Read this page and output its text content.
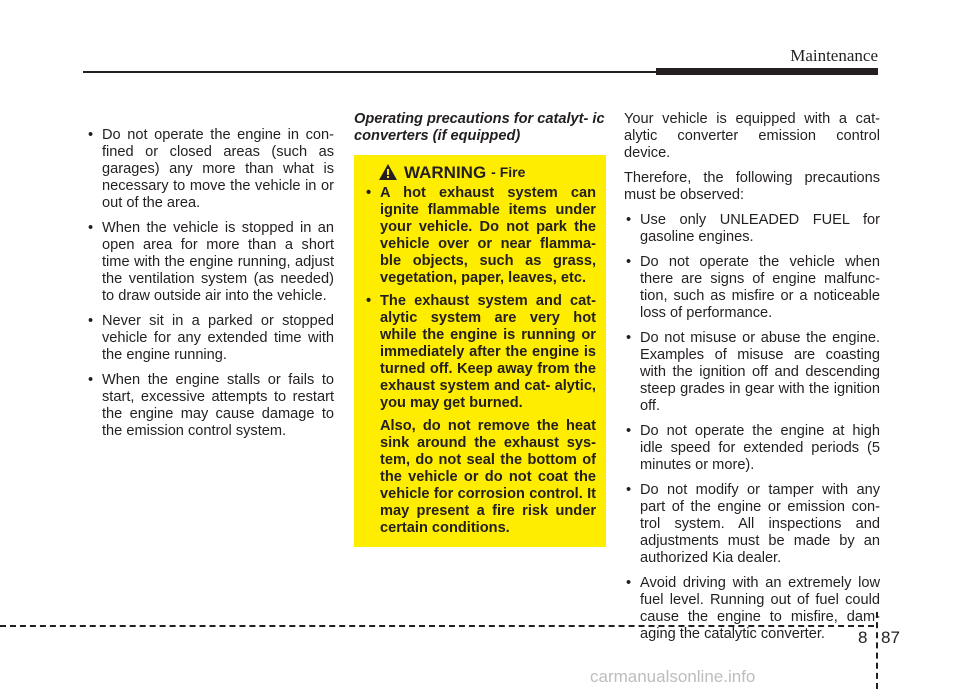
Maintenance
• Do not operate the engine in con- fined or closed areas (such as garages) any more than what is necessary to move the vehicle in or out of the area.
• When the vehicle is stopped in an open area for more than a short time with the engine running, adjust the ventilation system (as needed) to draw outside air into the vehicle.
• Never sit in a parked or stopped vehicle for any extended time with the engine running.
• When the engine stalls or fails to start, excessive attempts to restart the engine may cause damage to the emission control system.

Operating precautions for catalyt- ic converters (if equipped)

WARNING - Fire
• A hot exhaust system can ignite flammable items under your vehicle. Do not park the vehicle over or near flamma- ble objects, such as grass, vegetation, paper, leaves, etc.
• The exhaust system and cat- alytic system are very hot while the engine is running or immediately after the engine is turned off. Keep away from the exhaust system and cat- alytic, you may get burned.

Also, do not remove the heat sink around the exhaust sys- tem, do not seal the bottom of the vehicle or do not coat the vehicle for corrosion control. It may present a fire risk under certain conditions.

Your vehicle is equipped with a cat- alytic converter emission control device.

Therefore, the following precautions must be observed:

• Use only UNLEADED FUEL for gasoline engines.
• Do not operate the vehicle when there are signs of engine malfunc- tion, such as misfire or a noticeable loss of performance.
• Do not misuse or abuse the engine. Examples of misuse are coasting with the ignition off and descending steep grades in gear with the ignition off.
• Do not operate the engine at high idle speed for extended periods (5 minutes or more).
• Do not modify or tamper with any part of the engine or emission con- trol system. All inspections and adjustments must be made by an authorized Kia dealer.
• Avoid driving with an extremely low fuel level. Running out of fuel could cause the engine to misfire, dam- aging the catalytic converter.	8 87
carmanualsonline.info
